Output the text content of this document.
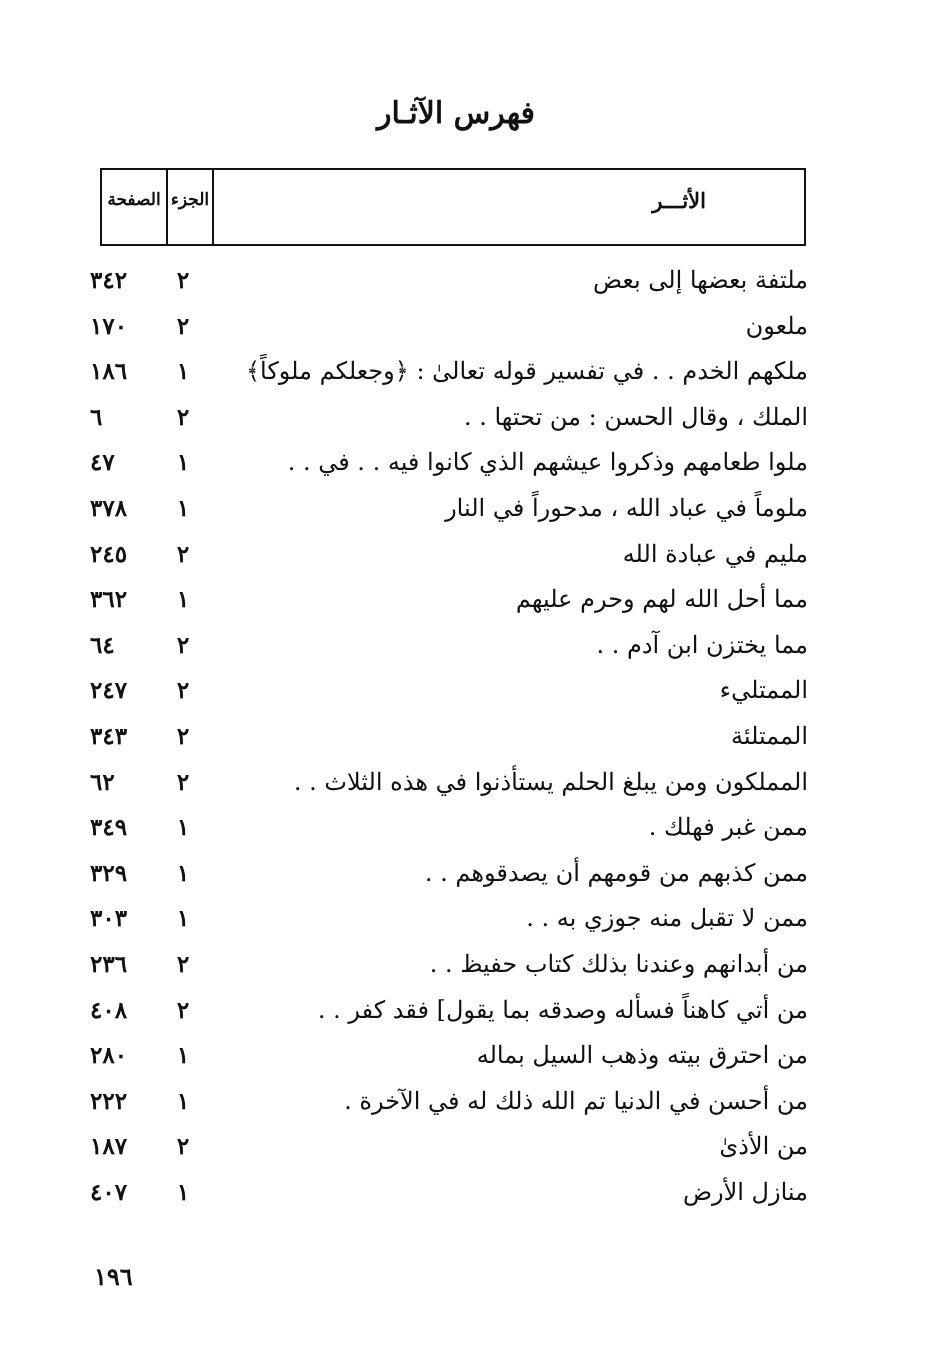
فهرس الآثـار
الأثـــر
الجزء
الصفحة
ملتفة بعضها إلى بعض
٢
٣٤٢
ملعون
٢
١٧٠
ملكهم الخدم . . في تفسير قوله تعالىٰ : ﴿وجعلكم ملوكاً﴾
١
١٨٦
الملك ، وقال الحسن : من تحتها . .
٢
٦
ملوا طعامهم وذكروا عيشهم الذي كانوا فيه . . في . .
١
٤٧
ملوماً في عباد الله ، مدحوراً في النار
١
٣٧٨
مليم في عبادة الله
٢
٢٤٥
مما أحل الله لهم وحرم عليهم
١
٣٦٢
مما يختزن ابن آدم . .
٢
٦٤
الممتليء
٢
٢٤٧
الممتلئة
٢
٣٤٣
المملكون ومن يبلغ الحلم يستأذنوا في هذه الثلاث . .
٢
٦٢
ممن غبر فهلك .
١
٣٤٩
ممن كذبهم من قومهم أن يصدقوهم . .
١
٣٢٩
ممن لا تقبل منه جوزي به . .
١
٣٠٣
من أبدانهم وعندنا بذلك كتاب حفيظ . .
٢
٢٣٦
من أتي كاهناً فسأله وصدقه بما يقول] فقد كفر . .
٢
٤٠٨
من احترق بيته وذهب السيل بماله
١
٢٨٠
من أحسن في الدنيا تم الله ذلك له في الآخرة .
١
٢٢٢
من الأذىٰ
٢
١٨٧
منازل الأرض
١
٤٠٧
١٩٦
